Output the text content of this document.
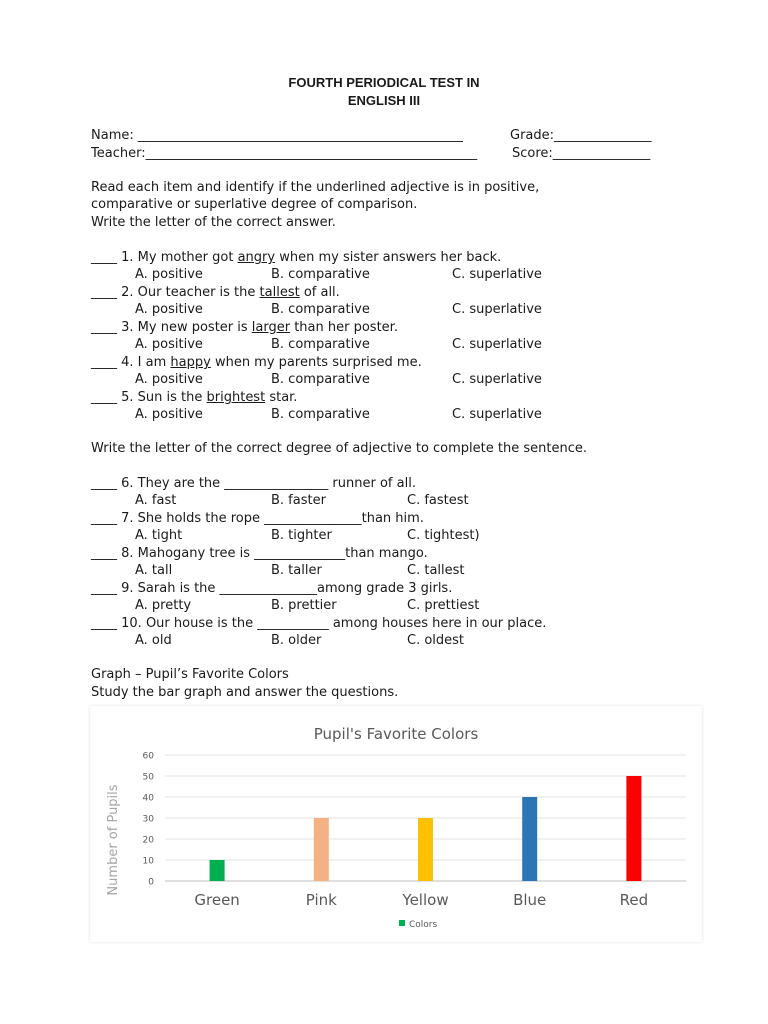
FOURTH PERIODICAL TEST IN
ENGLISH III
Name: __________________________________________________	Grade:_______________
Teacher:___________________________________________________	Score:_______________
Read each item and identify if the underlined adjective is in positive,
comparative or superlative degree of comparison.
Write the letter of the correct answer.
____ 1. My mother got angry when my sister answers her back.
A. positive	B. comparative	C. superlative
____ 2. Our teacher is the tallest of all.
A. positive	B. comparative	C. superlative
____ 3. My new poster is larger than her poster.
A. positive	B. comparative	C. superlative
____ 4. I am happy when my parents surprised me.
A. positive	B. comparative	C. superlative
____ 5. Sun is the brightest star.
A. positive	B. comparative	C. superlative
Write the letter of the correct degree of adjective to complete the sentence.
____ 6. They are the ________________ runner of all.
A. fast	B. faster	C. fastest
____ 7. She holds the rope _______________than him.
A. tight	B. tighter	C. tightest)
____ 8. Mahogany tree is ______________than mango.
A. tall	B. taller	C. tallest
____ 9. Sarah is the _______________among grade 3 girls.
A. pretty	B. prettier	C. prettiest
____ 10. Our house is the ___________ among houses here in our place.
A. old	B. older	C. oldest
Graph – Pupil’s Favorite Colors
Study the bar graph and answer the questions.
Pupil's Favorite Colors
Number of Pupils	0
10
20
30
40
50
60
Green	Pink	Yellow	Blue	Red
Colors
